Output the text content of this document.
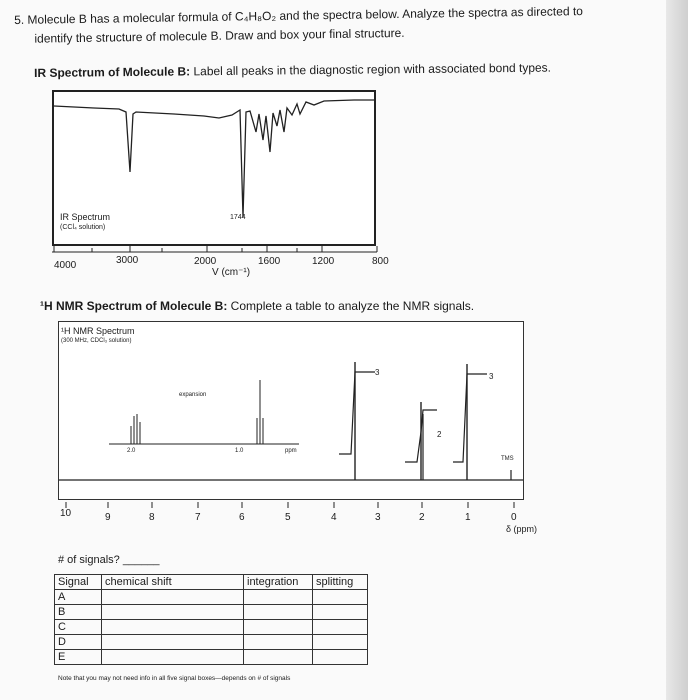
5. Molecule B has a molecular formula of C₄H₈O₂ and the spectra below. Analyze the spectra as directed to
identify the structure of molecule B. Draw and box your final structure.
IR Spectrum of Molecule B: Label all peaks in the diagnostic region with associated bond types.
IR Spectrum
(CCl₄ solution)
1744
4000	3000	2000	1600	1200	800
V (cm⁻¹)
¹H NMR Spectrum of Molecule B: Complete a table to analyze the NMR signals.
¹H NMR Spectrum
(300 MHz, CDCl₃ solution)
expansion
2.0	1.0	ppm
3	3
2
TMS
10	9	8	7	6	5	4	3	2	1	0
δ (ppm)
# of signals? ______
Signal	chemical shift	integration	splitting
A			
B			
C			
D			
E			
Note that you may not need info in all five signal boxes—depends on # of signals
